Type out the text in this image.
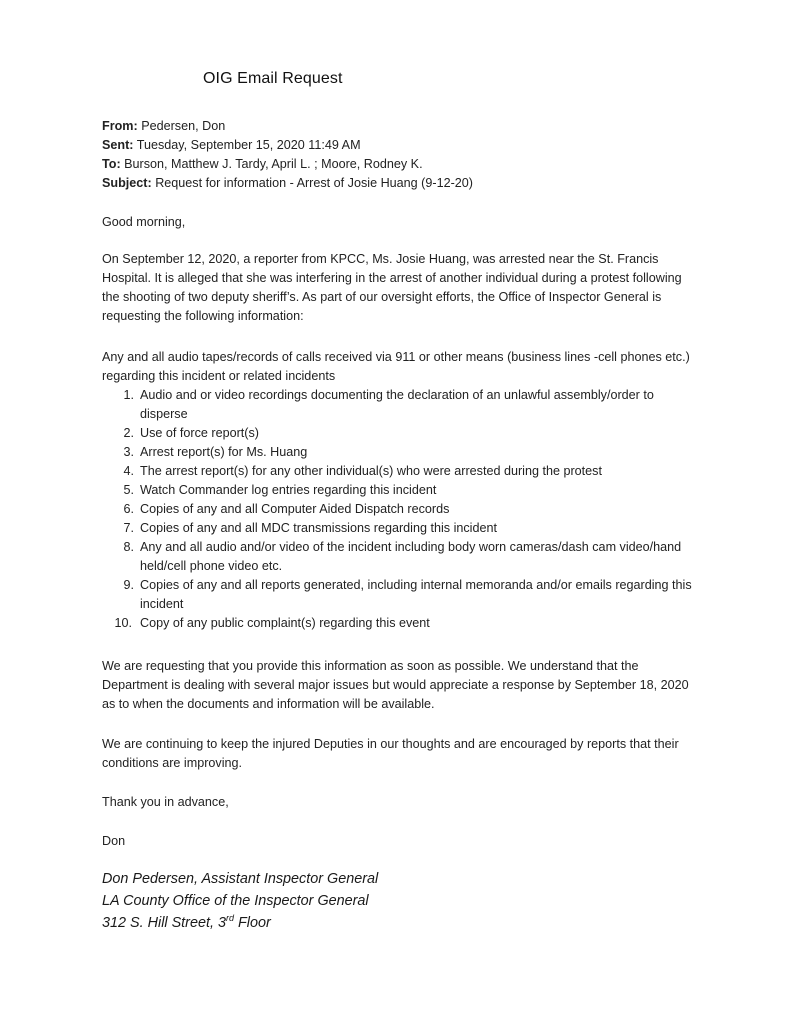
OIG Email Request
From: Pedersen, Don
Sent: Tuesday, September 15, 2020 11:49 AM
To: Burson, Matthew J. Tardy, April L. ; Moore, Rodney K.
Subject: Request for information - Arrest of Josie Huang (9-12-20)
Good morning,
On September 12, 2020, a reporter from KPCC, Ms. Josie Huang, was arrested near the St. Francis Hospital. It is alleged that she was interfering in the arrest of another individual during a protest following the shooting of two deputy sheriff’s. As part of our oversight efforts, the Office of Inspector General is requesting the following information:
Any and all audio tapes/records of calls received via 911 or other means (business lines -cell phones etc.) regarding this incident or related incidents
1. Audio and or video recordings documenting the declaration of an unlawful assembly/order to disperse
2. Use of force report(s)
3. Arrest report(s) for Ms. Huang
4. The arrest report(s) for any other individual(s) who were arrested during the protest
5. Watch Commander log entries regarding this incident
6. Copies of any and all Computer Aided Dispatch records
7. Copies of any and all MDC transmissions regarding this incident
8. Any and all audio and/or video of the incident including body worn cameras/dash cam video/hand held/cell phone video etc.
9. Copies of any and all reports generated, including internal memoranda and/or emails regarding this incident
10. Copy of any public complaint(s) regarding this event
We are requesting that you provide this information as soon as possible. We understand that the Department is dealing with several major issues but would appreciate a response by September 18, 2020 as to when the documents and information will be available.
We are continuing to keep the injured Deputies in our thoughts and are encouraged by reports that their conditions are improving.
Thank you in advance,
Don
Don Pedersen, Assistant Inspector General
LA County Office of the Inspector General
312 S. Hill Street, 3rd Floor
